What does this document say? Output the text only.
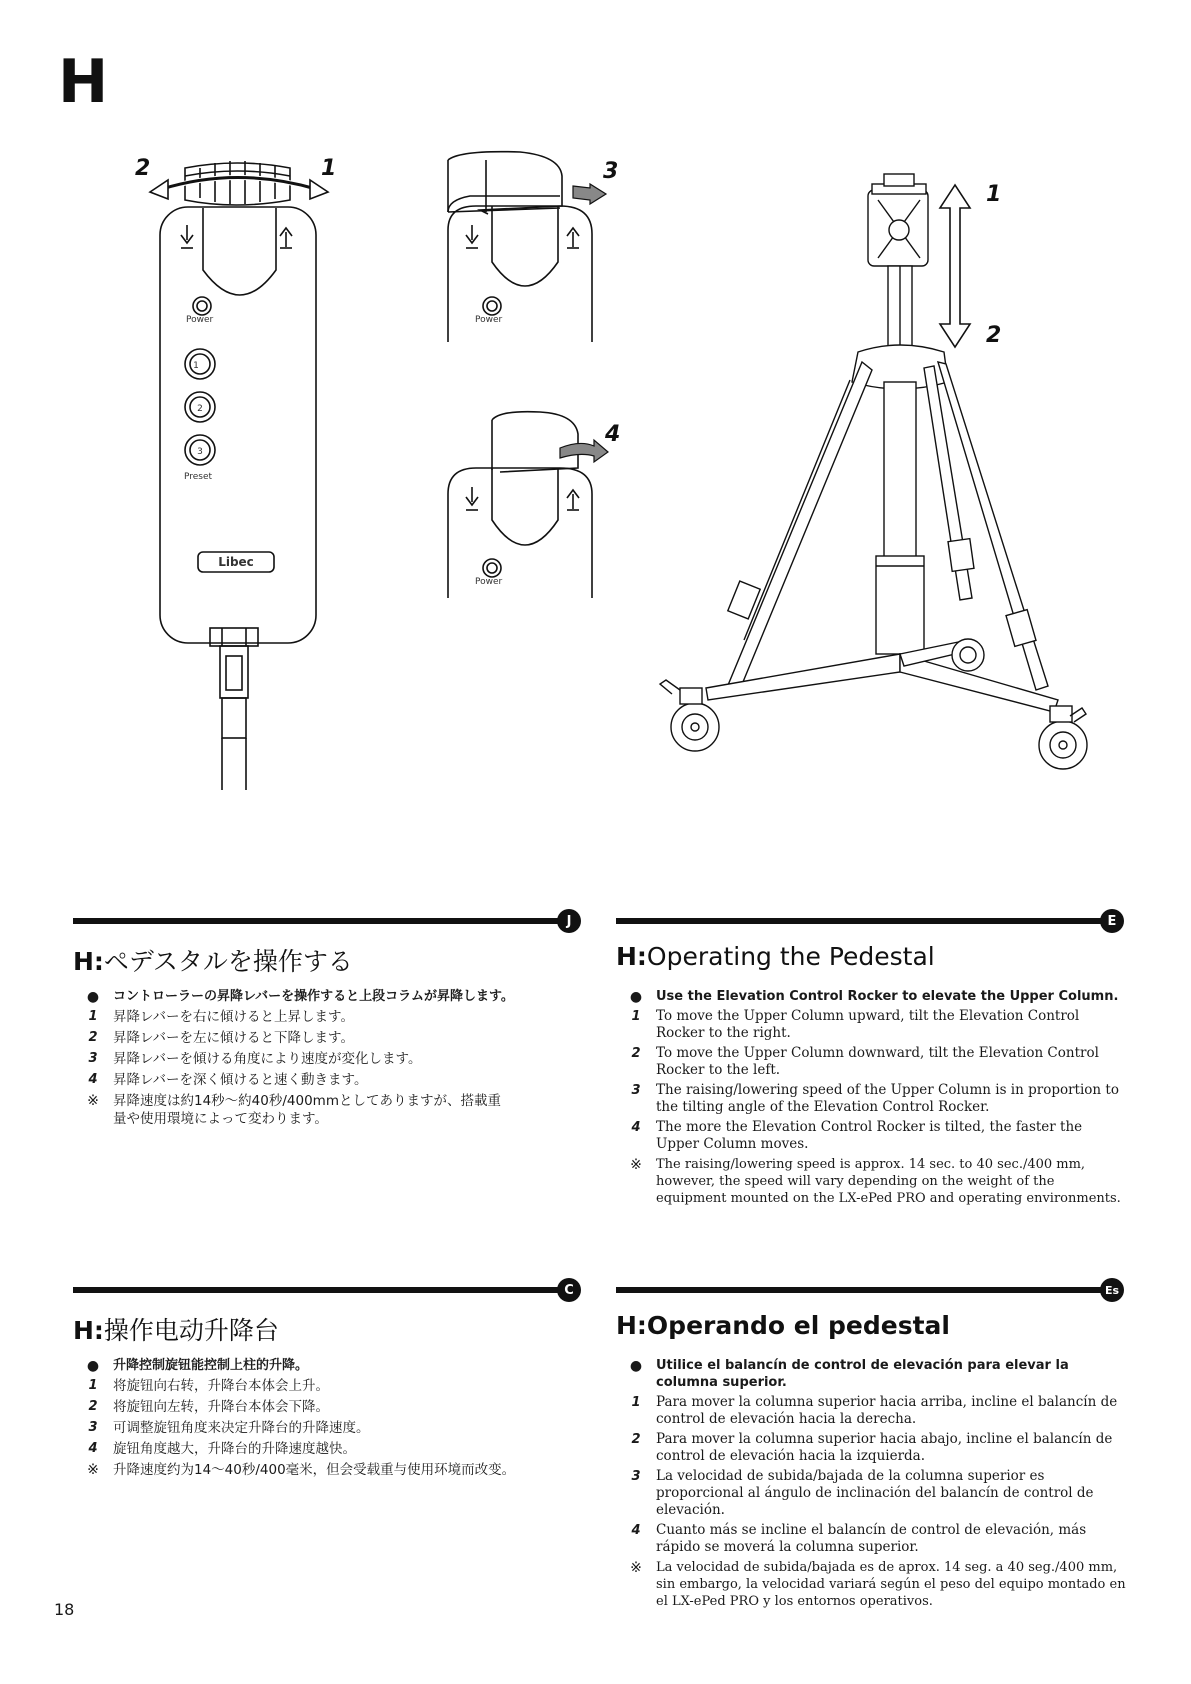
H
Power	Power
Power
1
2
3
Preset
Libec
2	1	3
4
1
2
J
H:ペデスタルを操作する
●	コントローラーの昇降レバーを操作すると上段コラムが昇降します。
1	昇降レバーを右に傾けると上昇します。
2	昇降レバーを左に傾けると下降します。
3	昇降レバーを傾ける角度により速度が変化します。
4	昇降レバーを深く傾けると速く動きます。
※	昇降速度は約14秒〜約40秒/400mmとしてありますが、搭載重量や使用環境によって変わります。
E
H:Operating the Pedestal
●	Use the Elevation Control Rocker to elevate the Upper Column.
1	To move the Upper Column upward, tilt the Elevation Control Rocker to the right.
2	To move the Upper Column downward, tilt the Elevation Control Rocker to the left.
3	The raising/lowering speed of the Upper Column is in proportion to the tilting angle of the Elevation Control Rocker.
4	The more the Elevation Control Rocker is tilted, the faster the Upper Column moves.
※	The raising/lowering speed is approx. 14 sec. to 40 sec./400 mm, however, the speed will vary depending on the weight of the equipment mounted on the LX-ePed PRO and operating environments.
C
H:操作电动升降台
●	升降控制旋钮能控制上柱的升降。
1	将旋钮向右转，升降台本体会上升。
2	将旋钮向左转，升降台本体会下降。
3	可调整旋钮角度来决定升降台的升降速度。
4	旋钮角度越大，升降台的升降速度越快。
※	升降速度约为14〜40秒/400毫米，但会受载重与使用环境而改变。
Es
H:Operando el pedestal
●	Utilice el balancín de control de elevación para elevar la columna superior.
1	Para mover la columna superior hacia arriba, incline el balancín de control de elevación hacia la derecha.
2	Para mover la columna superior hacia abajo, incline el balancín de control de elevación hacia la izquierda.
3	La velocidad de subida/bajada de la columna superior es proporcional al ángulo de inclinación del balancín de control de elevación.
4	Cuanto más se incline el balancín de control de elevación, más rápido se moverá la columna superior.
※	La velocidad de subida/bajada es de aprox. 14 seg. a 40 seg./400 mm, sin embargo, la velocidad variará según el peso del equipo montado en el LX-ePed PRO y los entornos operativos.
18
